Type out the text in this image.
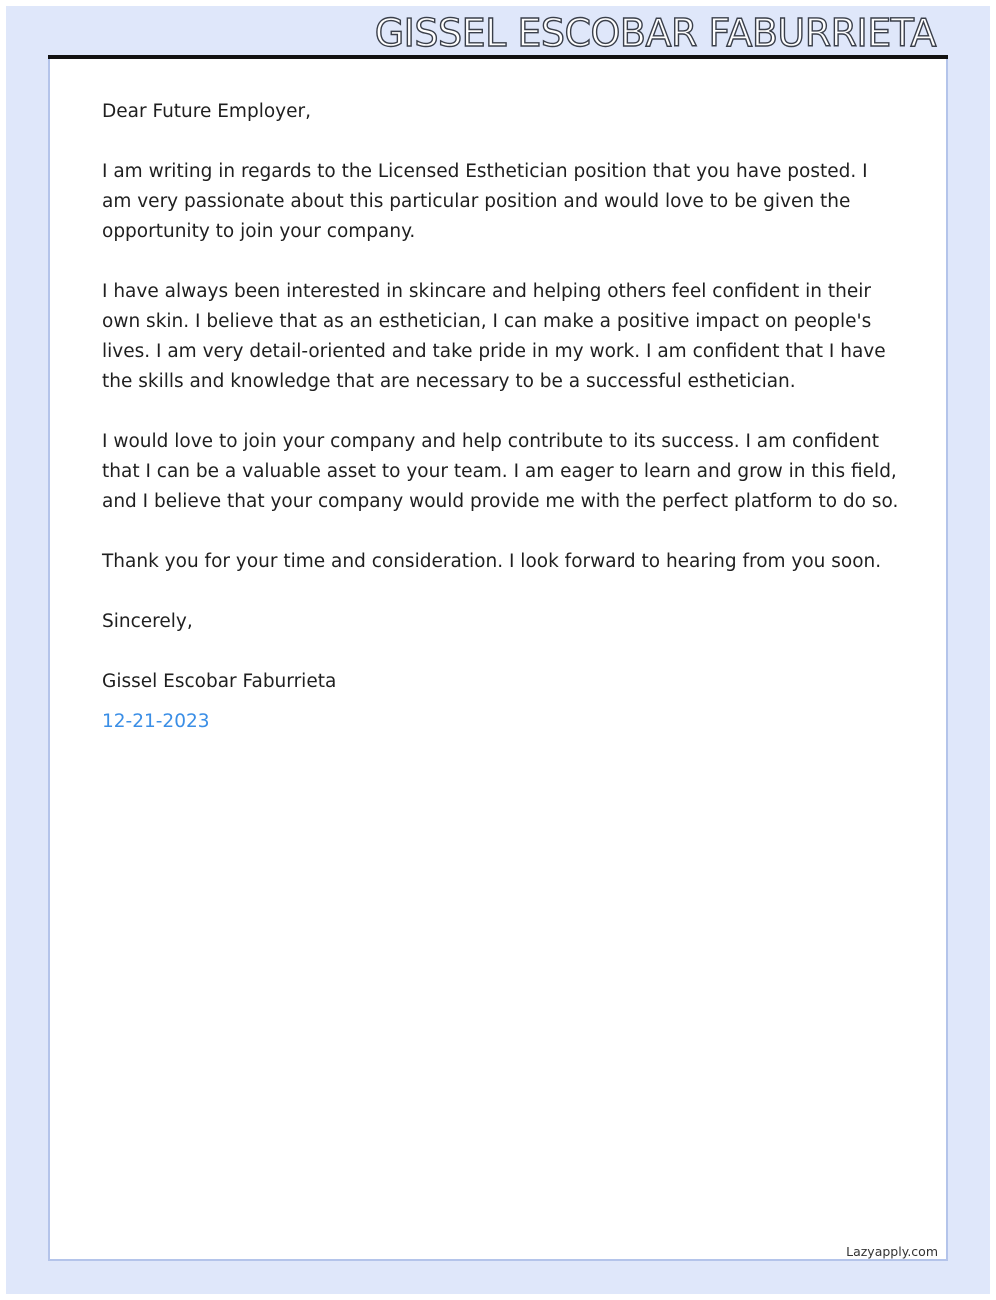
GISSEL ESCOBAR FABURRIETA

Dear Future Employer,

I am writing in regards to the Licensed Esthetician position that you have posted. I am very passionate about this particular position and would love to be given the opportunity to join your company.

I have always been interested in skincare and helping others feel confident in their own skin. I believe that as an esthetician, I can make a positive impact on people's lives. I am very detail-oriented and take pride in my work. I am confident that I have the skills and knowledge that are necessary to be a successful esthetician.

I would love to join your company and help contribute to its success. I am confident that I can be a valuable asset to your team. I am eager to learn and grow in this field, and I believe that your company would provide me with the perfect platform to do so.

Thank you for your time and consideration. I look forward to hearing from you soon.

Sincerely,

Gissel Escobar Faburrieta

12-21-2023

Lazyapply.com
